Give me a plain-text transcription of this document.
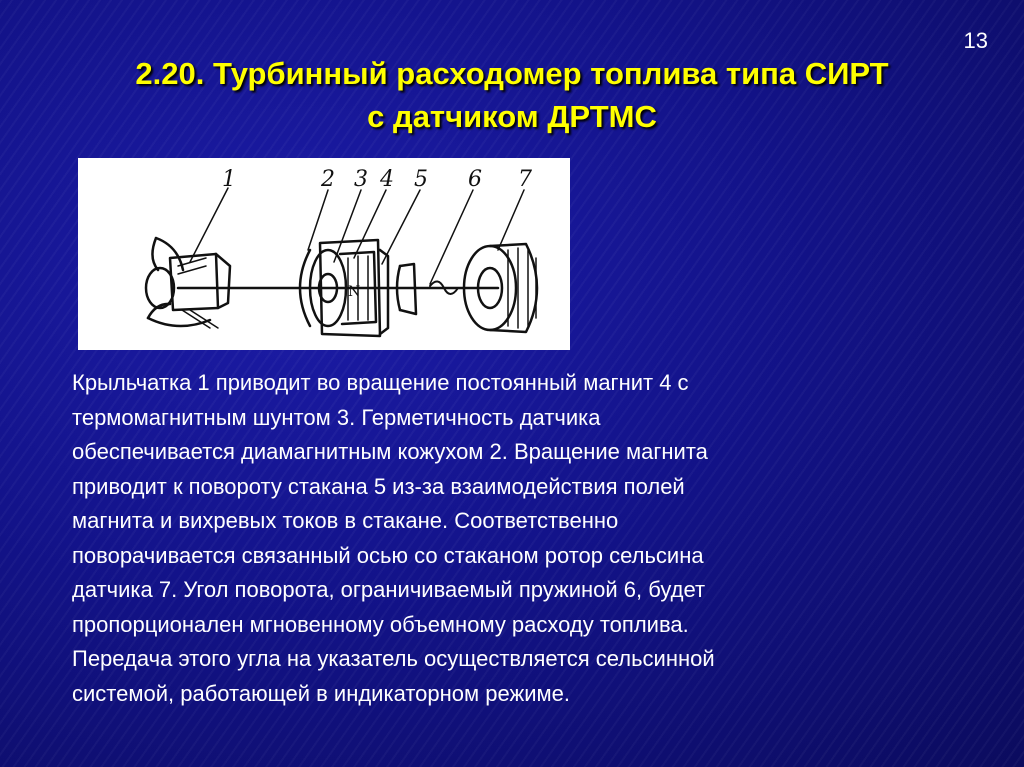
13
2.20. Турбинный расходомер топлива типа СИРТ
с датчиком ДРТМС
1	2 3 4 5 6 7
N
Крыльчатка 1 приводит во вращение постоянный магнит 4 с
термомагнитным шунтом 3. Герметичность датчика
обеспечивается диамагнитным кожухом 2. Вращение магнита
приводит к повороту стакана 5 из-за взаимодействия полей
магнита и вихревых токов в стакане. Соответственно
поворачивается связанный осью со стаканом ротор сельсина
датчика 7. Угол поворота, ограничиваемый пружиной 6, будет
пропорционален мгновенному объемному расходу топлива.
Передача этого угла на указатель осуществляется сельсинной
системой, работающей в индикаторном режиме.
